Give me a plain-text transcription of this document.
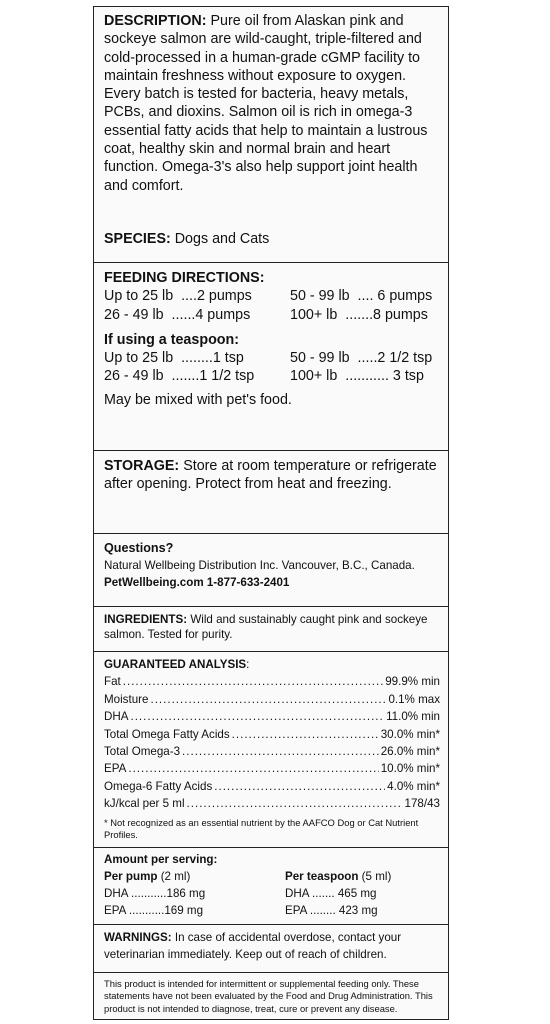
DESCRIPTION: Pure oil from Alaskan pink and sockeye salmon are wild-caught, triple-filtered and cold-processed in a human-grade cGMP facility to maintain freshness without exposure to oxygen. Every batch is tested for bacteria, heavy metals, PCBs, and dioxins. Salmon oil is rich in omega-3 essential fatty acids that help to maintain a lustrous coat, healthy skin and normal brain and heart function. Omega-3's also help support joint health and comfort.
SPECIES: Dogs and Cats
FEEDING DIRECTIONS:
Up to 25 lb  ....2 pumps	50 - 99 lb  .... 6 pumps
26 - 49 lb  ......4 pumps	100+ lb  .......8 pumps
If using a teaspoon:
Up to 25 lb  ........1 tsp	50 - 99 lb  .....2 1/2 tsp
26 - 49 lb  .......1 1/2 tsp	100+ lb  ........... 3 tsp
May be mixed with pet's food.
STORAGE: Store at room temperature or refrigerate after opening. Protect from heat and freezing.
Questions?
Natural Wellbeing Distribution Inc. Vancouver, B.C., Canada.
PetWellbeing.com 1-877-633-2401
INGREDIENTS: Wild and sustainably caught pink and sockeye salmon. Tested for purity.
GUARANTEED ANALYSIS:
Fat .....	99.9% min
Moisture .....	0.1% max
DHA .....	11.0% min
Total Omega Fatty Acids .....	30.0% min*
Total Omega-3 .....	26.0% min*
EPA .....	10.0% min*
Omega-6 Fatty Acids .....	4.0% min*
kJ/kcal per 5 ml .....	178/43
* Not recognized as an essential nutrient by the AAFCO Dog or Cat Nutrient Profiles.
Amount per serving:
Per pump (2 ml)	Per teaspoon (5 ml)
DHA ...........186 mg	DHA ....... 465 mg
EPA ...........169 mg	EPA ........ 423 mg
WARNINGS: In case of accidental overdose, contact your veterinarian immediately. Keep out of reach of children.
This product is intended for intermittent or supplemental feeding only. These statements have not been evaluated by the Food and Drug Administration. This product is not intended to diagnose, treat, cure or prevent any disease.
